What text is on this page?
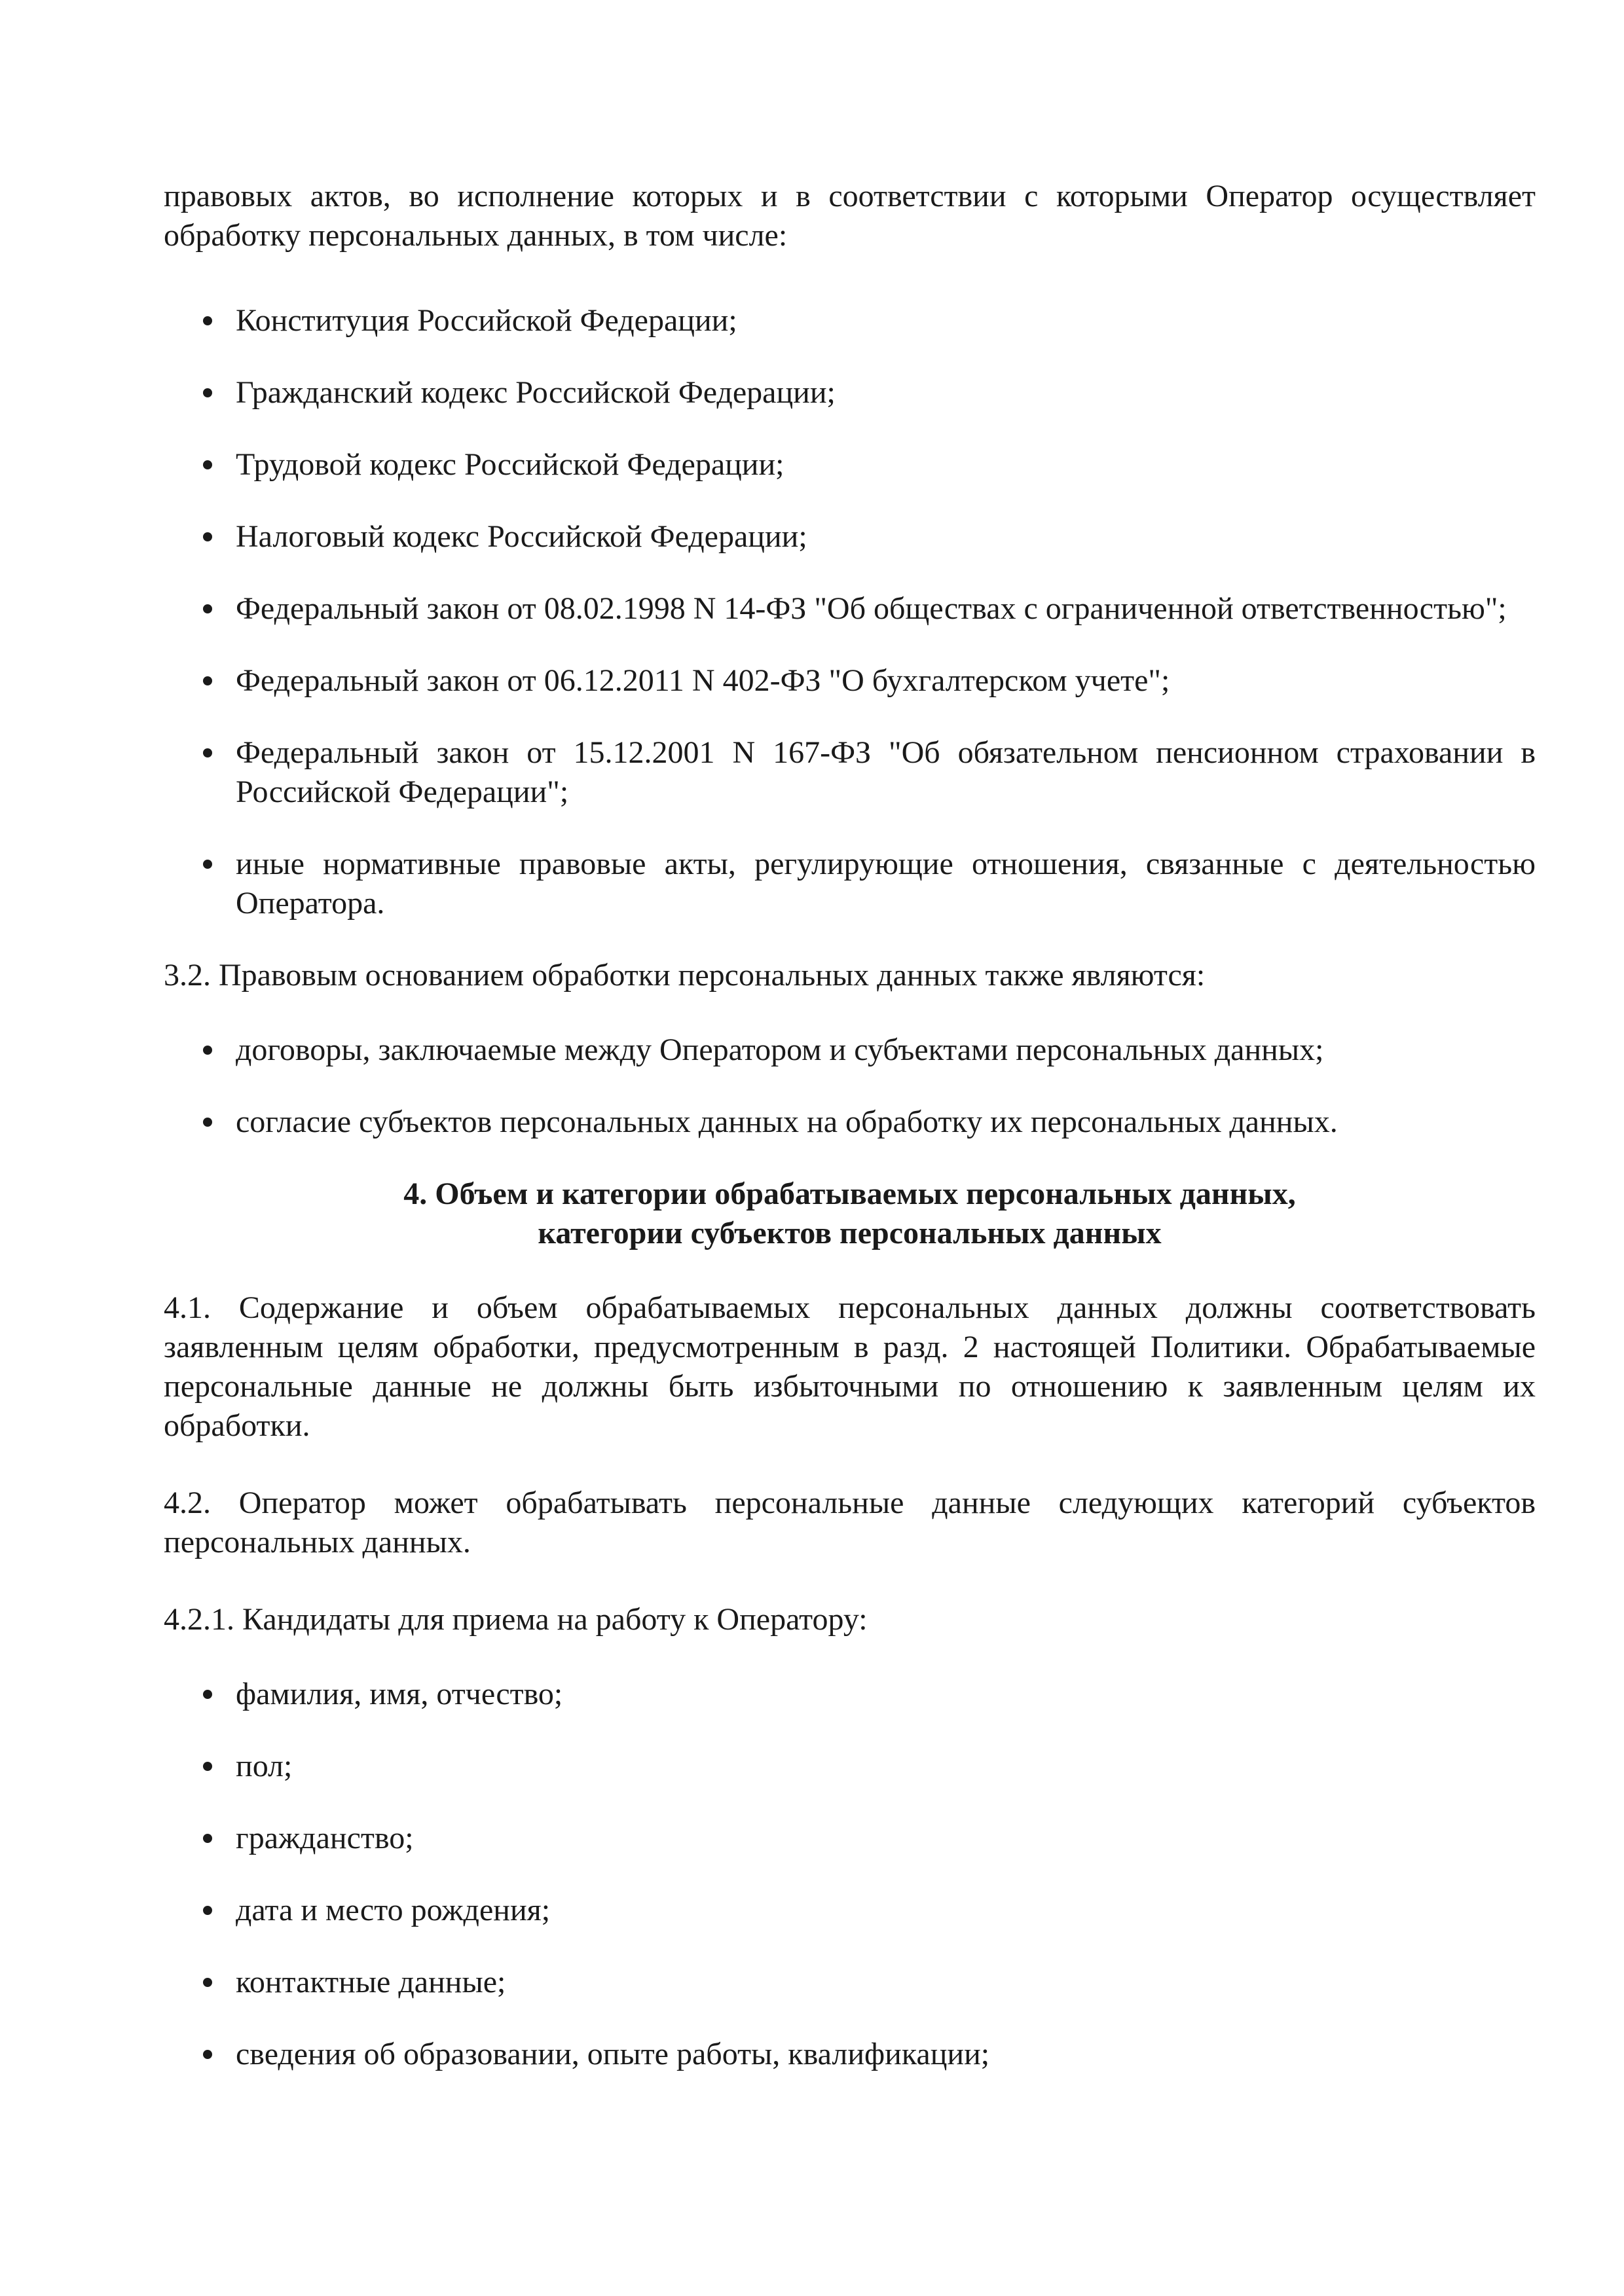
правовых актов, во исполнение которых и в соответствии с которыми Оператор осуществляет обработку персональных данных, в том числе:

Конституция Российской Федерации;
Гражданский кодекс Российской Федерации;
Трудовой кодекс Российской Федерации;
Налоговый кодекс Российской Федерации;
Федеральный закон от 08.02.1998 N 14-ФЗ "Об обществах с ограниченной ответственностью";
Федеральный закон от 06.12.2011 N 402-ФЗ "О бухгалтерском учете";
Федеральный закон от 15.12.2001 N 167-ФЗ "Об обязательном пенсионном страховании в Российской Федерации";
иные нормативные правовые акты, регулирующие отношения, связанные с деятельностью Оператора.

3.2. Правовым основанием обработки персональных данных также являются:

договоры, заключаемые между Оператором и субъектами персональных данных;
согласие субъектов персональных данных на обработку их персональных данных.
4. Объем и категории обрабатываемых персональных данных,
категории субъектов персональных данных

4.1. Содержание и объем обрабатываемых персональных данных должны соответствовать заявленным целям обработки, предусмотренным в разд. 2 настоящей Политики. Обрабатываемые персональные данные не должны быть избыточными по отношению к заявленным целям их обработки.

4.2. Оператор может обрабатывать персональные данные следующих категорий субъектов персональных данных.

4.2.1. Кандидаты для приема на работу к Оператору:

фамилия, имя, отчество;
пол;
гражданство;
дата и место рождения;
контактные данные;
сведения об образовании, опыте работы, квалификации;
